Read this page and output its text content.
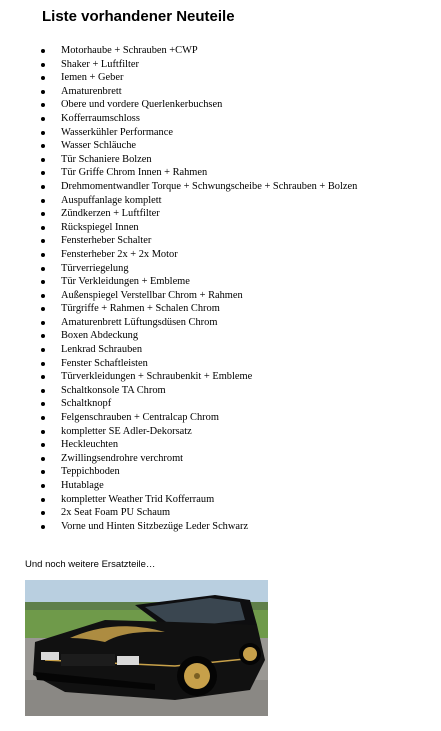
Liste vorhandener Neuteile
Motorhaube + Schrauben +CWP
Shaker + Luftfilter
Iemen + Geber
Amaturenbrett
Obere und vordere Querlenkerbuchsen
Kofferraumschloss
Wasserkühler Performance
Wasser Schläuche
Tür Schaniere Bolzen
Tür Griffe Chrom Innen + Rahmen
Drehmomentwandler Torque + Schwungscheibe + Schrauben + Bolzen
Auspuffanlage komplett
Zündkerzen + Luftfilter
Rückspiegel Innen
Fensterheber Schalter
Fensterheber 2x + 2x Motor
Türverriegelung
Tür Verkleidungen + Embleme
Außenspiegel Verstellbar Chrom + Rahmen
Türgriffe + Rahmen + Schalen Chrom
Amaturenbrett Lüftungsdüsen Chrom
Boxen Abdeckung
Lenkrad Schrauben
Fenster Schaftleisten
Türverkleidungen + Schraubenkit + Embleme
Schaltkonsole TA Chrom
Schaltknopf
Felgenschrauben + Centralcap Chrom
kompletter SE Adler-Dekorsatz
Heckleuchten
Zwillingsendrohre verchromt
Teppichboden
Hutablage
kompletter Weather Trid Kofferraum
2x Seat Foam PU Schaum
Vorne und Hinten Sitzbezüge Leder Schwarz

Und noch weitere Ersatzteile…
